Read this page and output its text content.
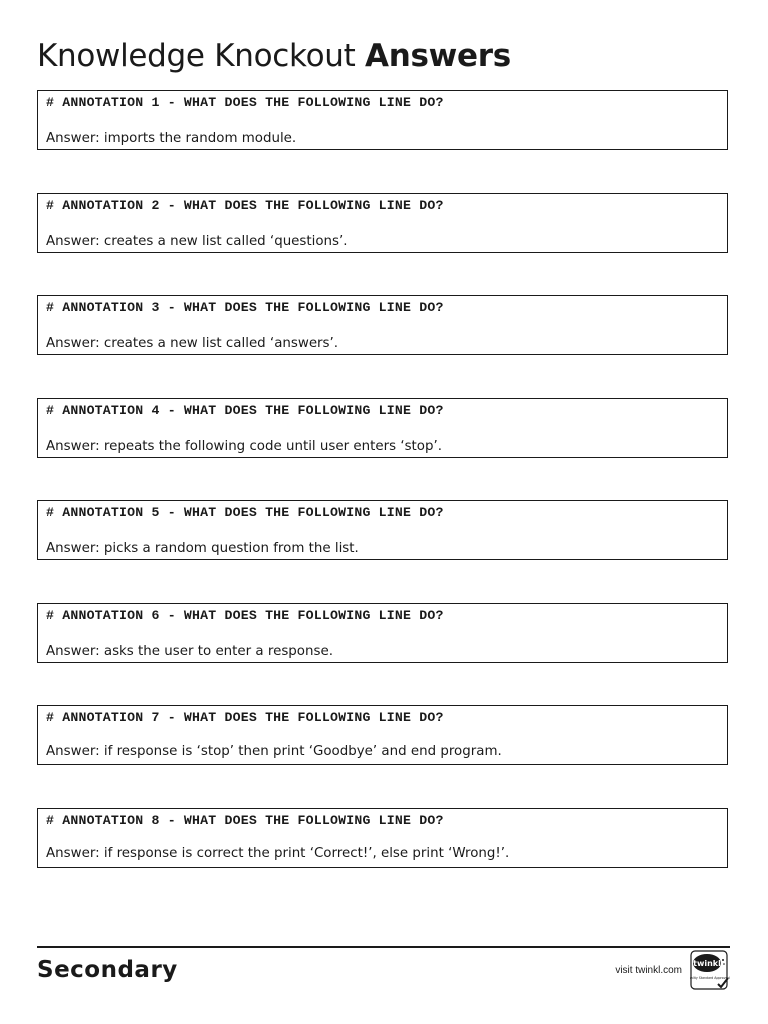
Knowledge Knockout Answers
# ANNOTATION 1 - WHAT DOES THE FOLLOWING LINE DO?
Answer: imports the random module.
# ANNOTATION 2 - WHAT DOES THE FOLLOWING LINE DO?
Answer: creates a new list called ‘questions’.
# ANNOTATION 3 - WHAT DOES THE FOLLOWING LINE DO?
Answer: creates a new list called ‘answers’.
# ANNOTATION 4 - WHAT DOES THE FOLLOWING LINE DO?
Answer: repeats the following code until user enters ‘stop’.
# ANNOTATION 5 - WHAT DOES THE FOLLOWING LINE DO?
Answer: picks a random question from the list.
# ANNOTATION 6 - WHAT DOES THE FOLLOWING LINE DO?
Answer: asks the user to enter a response.
# ANNOTATION 7 - WHAT DOES THE FOLLOWING LINE DO?
Answer: if response is ‘stop’ then print ‘Goodbye’ and end program.
# ANNOTATION 8 - WHAT DOES THE FOLLOWING LINE DO?
Answer: if response is correct the print ‘Correct!’, else print ‘Wrong!’.
Secondary	visit twinkl.com
twinkl
Quality Standard Approved
